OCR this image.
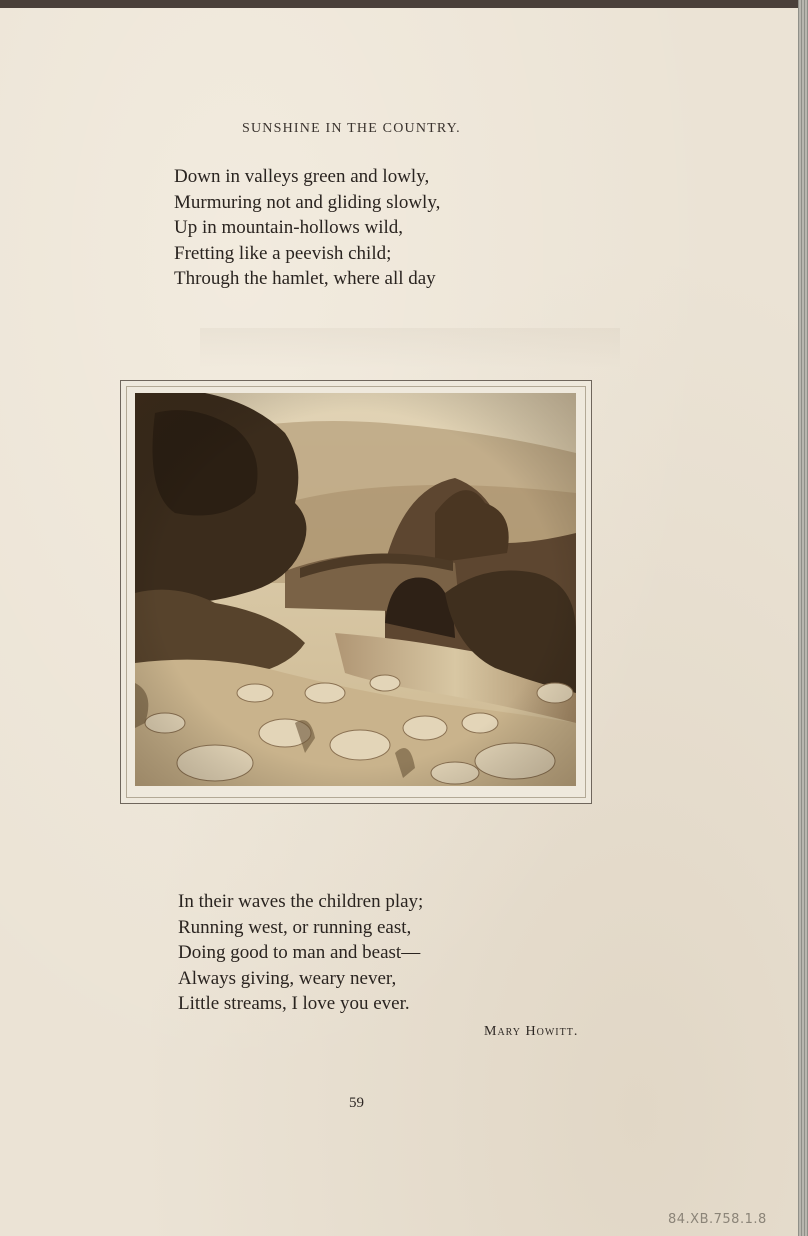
SUNSHINE IN THE COUNTRY.
Down in valleys green and lowly,
Murmuring not and gliding slowly,
Up in mountain-hollows wild,
Fretting like a peevish child;
Through the hamlet, where all day
In their waves the children play;
Running west, or running east,
Doing good to man and beast—
Always giving, weary never,
Little streams, I love you ever.
Mary Howitt.
59
84.XB.758.1.8
